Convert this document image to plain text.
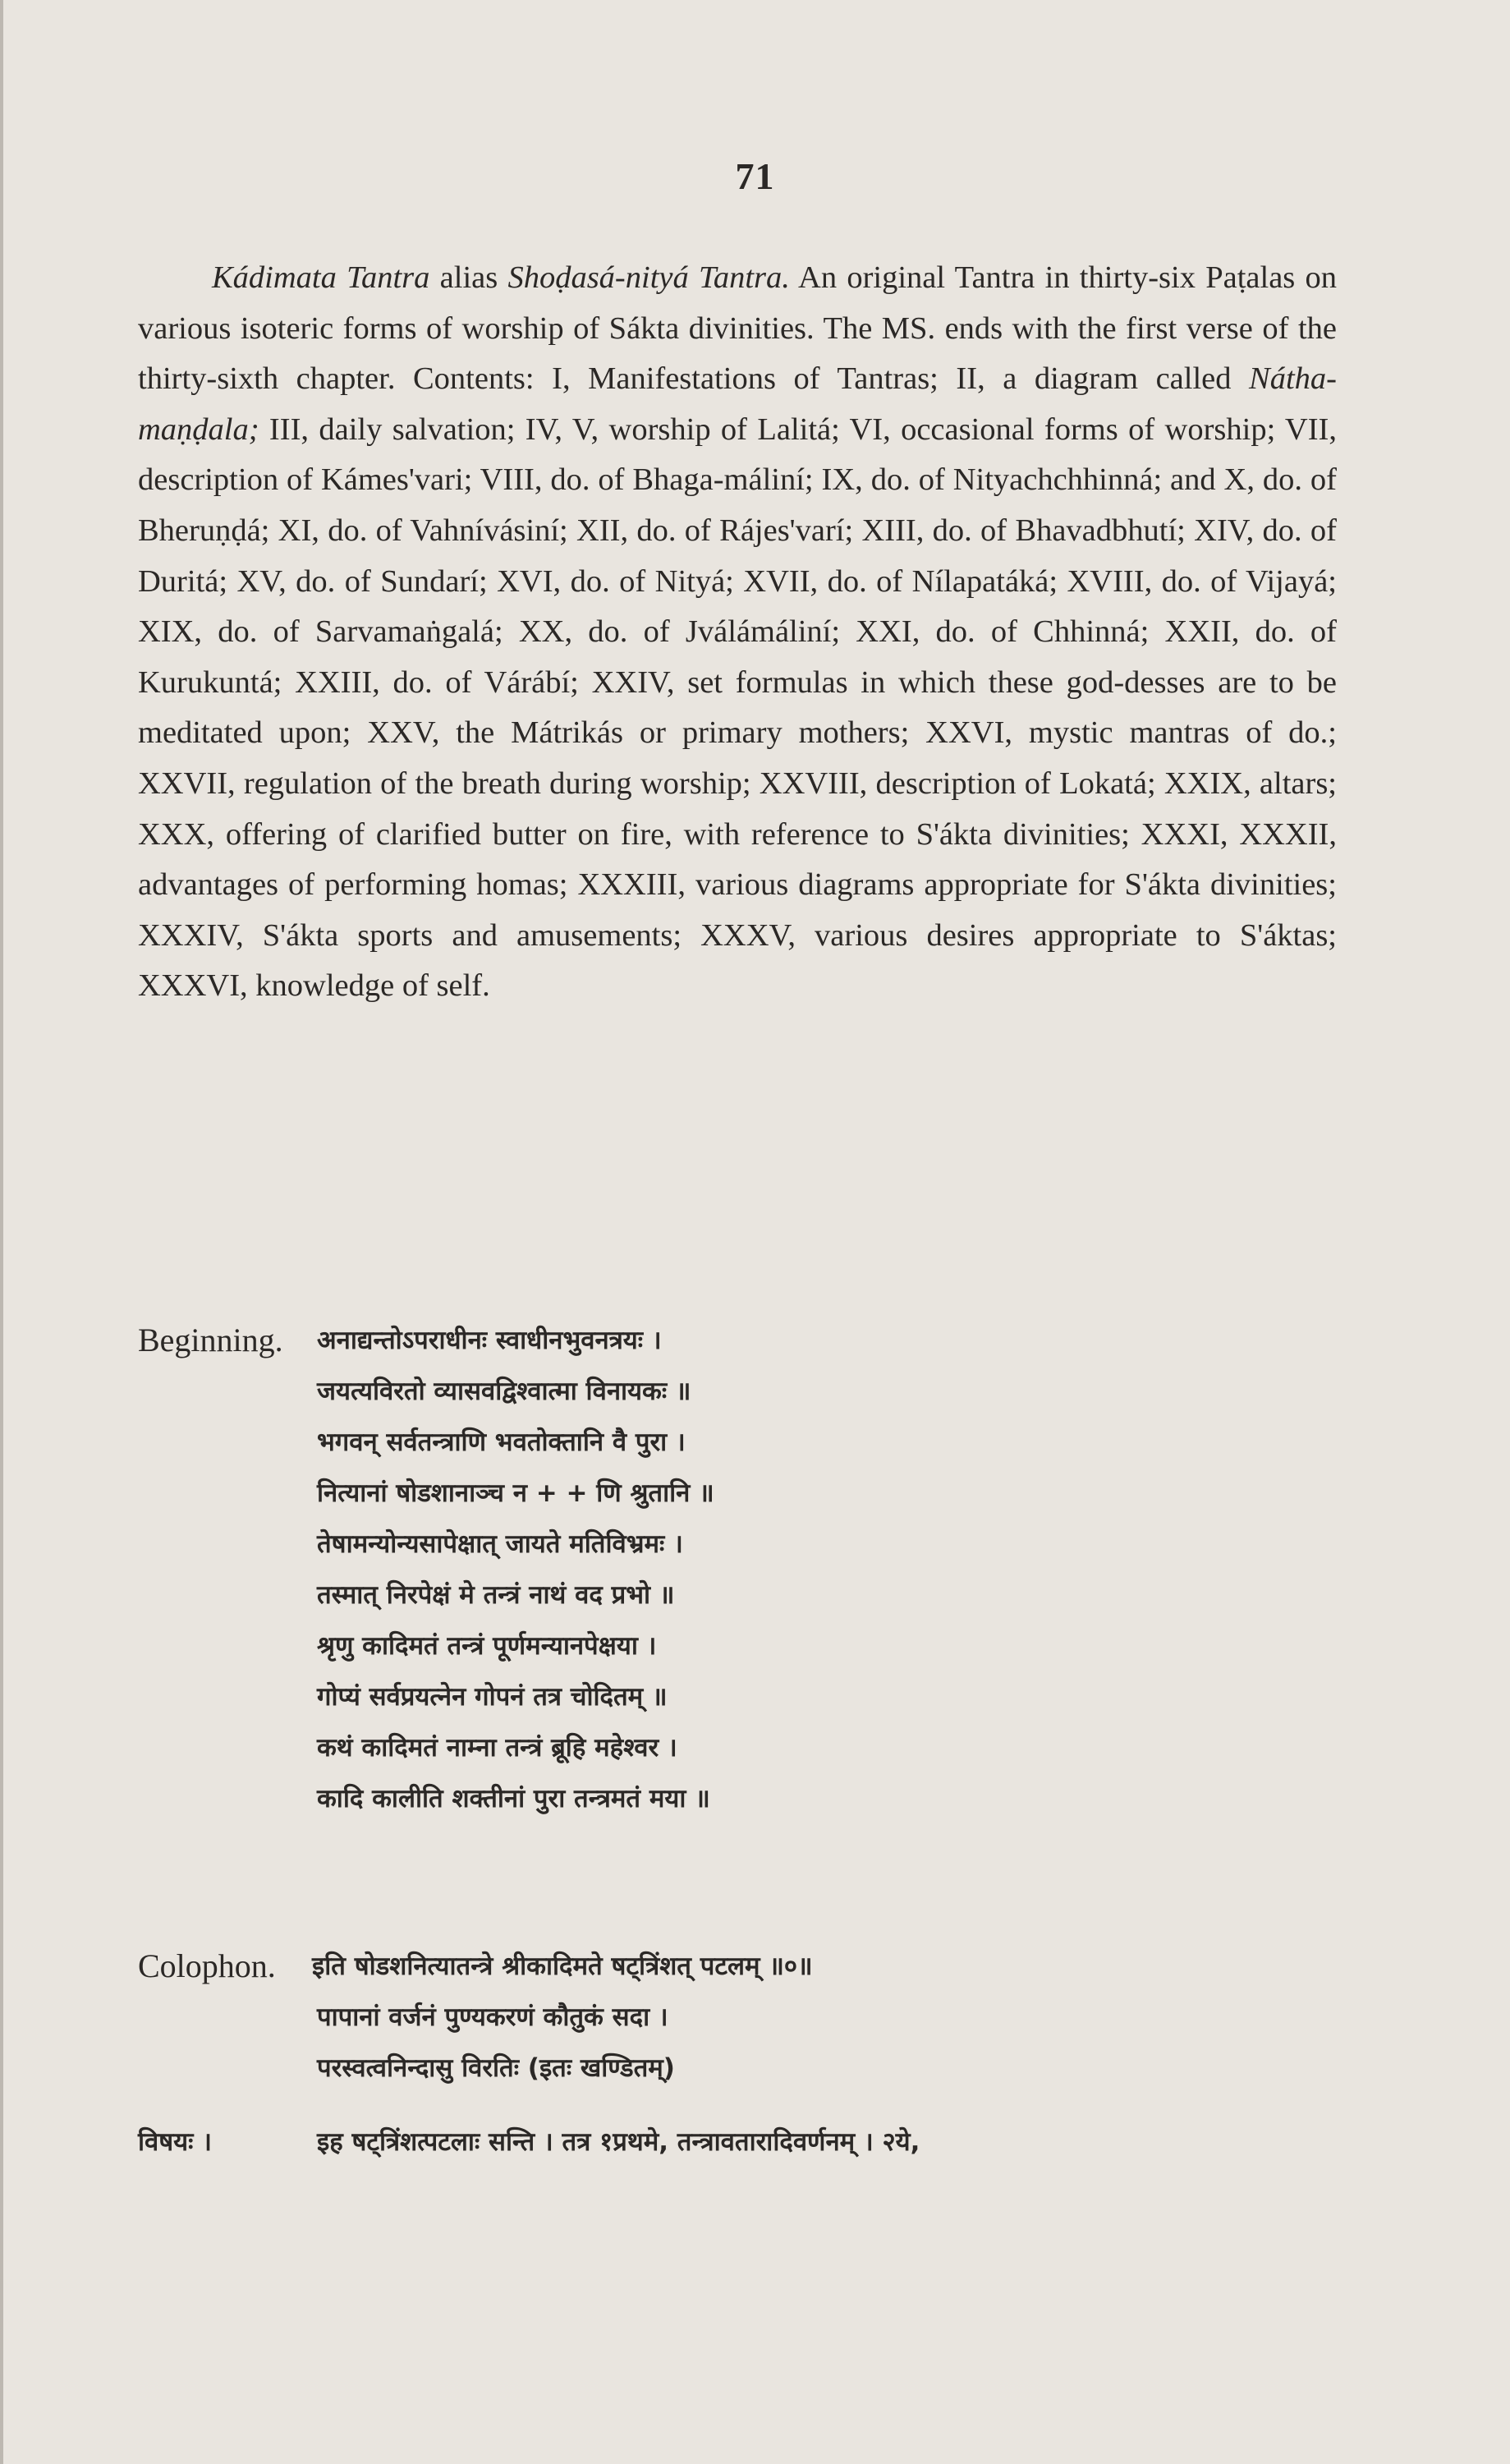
71

Kádimata Tantra alias Shoḍasá-nityá Tantra. An original Tantra in thirty-six Paṭalas on various isoteric forms of worship of Sákta divinities. The MS. ends with the first verse of the thirty-sixth chapter. Contents: I, Manifestations of Tantras; II, a diagram called Nátha-maṇḍala; III, daily salvation; IV, V, worship of Lalitá; VI, occasional forms of worship; VII, description of Kámes'vari; VIII, do. of Bhaga-máliní; IX, do. of Nityachchhinná; and X, do. of Bheruṇḍá; XI, do. of Vahnívásiní; XII, do. of Rájes'varí; XIII, do. of Bhavadbhutí; XIV, do. of Duritá; XV, do. of Sundarí; XVI, do. of Nityá; XVII, do. of Nílapatáká; XVIII, do. of Vijayá; XIX, do. of Sarvamaṅgalá; XX, do. of Jválámáliní; XXI, do. of Chhinná; XXII, do. of Kurukuntá; XXIII, do. of Várábí; XXIV, set formulas in which these god-desses are to be meditated upon; XXV, the Mátrikás or primary mothers; XXVI, mystic mantras of do.; XXVII, regulation of the breath during worship; XXVIII, description of Lokatá; XXIX, altars; XXX, offering of clarified butter on fire, with reference to S'ákta divinities; XXXI, XXXII, advantages of performing homas; XXXIII, various diagrams appropriate for S'ákta divinities; XXXIV, S'ákta sports and amusements; XXXV, various desires appropriate to S'áktas; XXXVI, knowledge of self.

Beginning. अनाद्यन्तोऽपराधीनः स्वाधीनभुवनत्रयः ।
जयत्यविरतो व्यासवद्विश्वात्मा विनायकः ॥
भगवन् सर्वतन्त्राणि भवतोक्तानि वै पुरा ।
नित्यानां षोडशानाञ्च न + + णि श्रुतानि ॥
तेषामन्योन्यसापेक्षात् जायते मतिविभ्रमः ।
तस्मात् निरपेक्षं मे तन्त्रं नाथं वद प्रभो ॥
श्रृणु कादिमतं तन्त्रं पूर्णमन्यानपेक्षया ।
गोप्यं सर्वप्रयत्नेन गोपनं तत्र चोदितम् ॥
कथं कादिमतं नाम्ना तन्त्रं ब्रूहि महेश्वर ।
कादि कालीति शक्तीनां पुरा तन्त्रमतं मया ॥
Colophon. इति षोडशनित्यातन्त्रे श्रीकादिमते षट्त्रिंशत् पटलम् ॥०॥
पापानां वर्जनं पुण्यकरणं कौतुकं सदा ।
परस्वत्वनिन्दासु विरतिः (इतः खण्डितम्)
विषयः ।	इह षट्त्रिंशत्पटलाः सन्ति । तत्र १प्रथमे, तन्त्रावतारादिवर्णनम् । २ये,
